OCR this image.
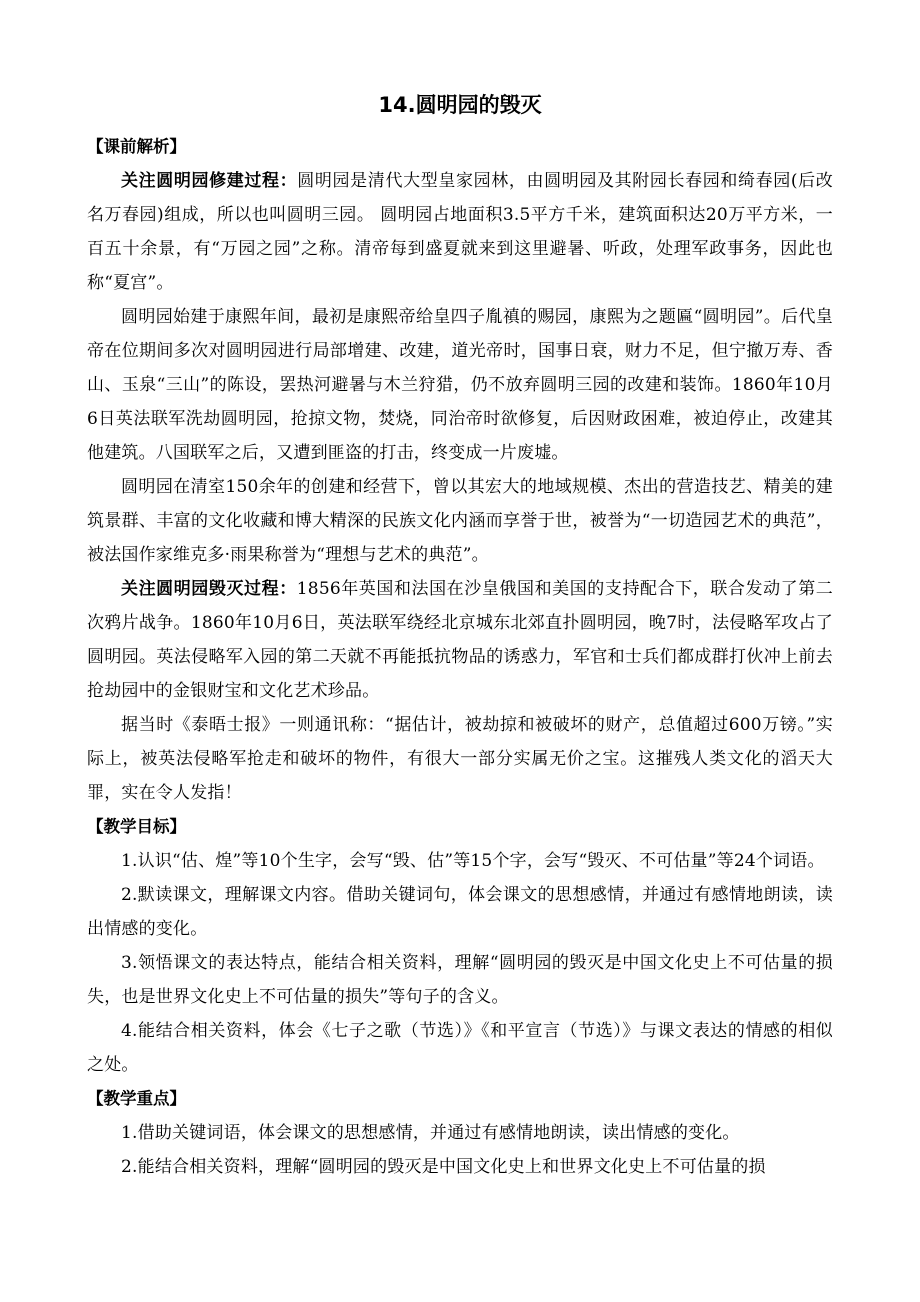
14.圆明园的毁灭
【课前解析】

关注圆明园修建过程：圆明园是清代大型皇家园林，由圆明园及其附园长春园和绮春园(后改名万春园)组成，所以也叫圆明三园。 圆明园占地面积3.5平方千米，建筑面积达20万平方米，一百五十余景，有“万园之园”之称。清帝每到盛夏就来到这里避暑、听政，处理军政事务，因此也称“夏宫”。

圆明园始建于康熙年间，最初是康熙帝给皇四子胤禛的赐园，康熙为之题匾“圆明园”。后代皇帝在位期间多次对圆明园进行局部增建、改建，道光帝时，国事日衰，财力不足，但宁撤万寿、香山、玉泉“三山”的陈设，罢热河避暑与木兰狩猎，仍不放弃圆明三园的改建和装饰。1860年10月6日英法联军洗劫圆明园，抢掠文物，焚烧，同治帝时欲修复，后因财政困难，被迫停止，改建其他建筑。八国联军之后，又遭到匪盗的打击，终变成一片废墟。

圆明园在清室150余年的创建和经营下，曾以其宏大的地域规模、杰出的营造技艺、精美的建筑景群、丰富的文化收藏和博大精深的民族文化内涵而享誉于世，被誉为“一切造园艺术的典范”，被法国作家维克多·雨果称誉为“理想与艺术的典范”。

关注圆明园毁灭过程：1856年英国和法国在沙皇俄国和美国的支持配合下，联合发动了第二次鸦片战争。1860年10月6日，英法联军绕经北京城东北郊直扑圆明园，晚7时，法侵略军攻占了圆明园。英法侵略军入园的第二天就不再能抵抗物品的诱惑力，军官和士兵们都成群打伙冲上前去抢劫园中的金银财宝和文化艺术珍品。

据当时《泰晤士报》一则通讯称：“据估计，被劫掠和被破坏的财产，总值超过600万镑。”实际上，被英法侵略军抢走和破坏的物件，有很大一部分实属无价之宝。这摧残人类文化的滔天大罪，实在令人发指！

【教学目标】

1.认识“估、煌”等10个生字，会写“毁、估”等15个字，会写“毁灭、不可估量”等24个词语。

2.默读课文，理解课文内容。借助关键词句，体会课文的思想感情，并通过有感情地朗读，读出情感的变化。

3.领悟课文的表达特点，能结合相关资料，理解“圆明园的毁灭是中国文化史上不可估量的损失，也是世界文化史上不可估量的损失”等句子的含义。

4.能结合相关资料，体会《七子之歌（节选）》《和平宣言（节选）》与课文表达的情感的相似之处。

【教学重点】

1.借助关键词语，体会课文的思想感情，并通过有感情地朗读，读出情感的变化。

2.能结合相关资料，理解“圆明园的毁灭是中国文化史上和世界文化史上不可估量的损
